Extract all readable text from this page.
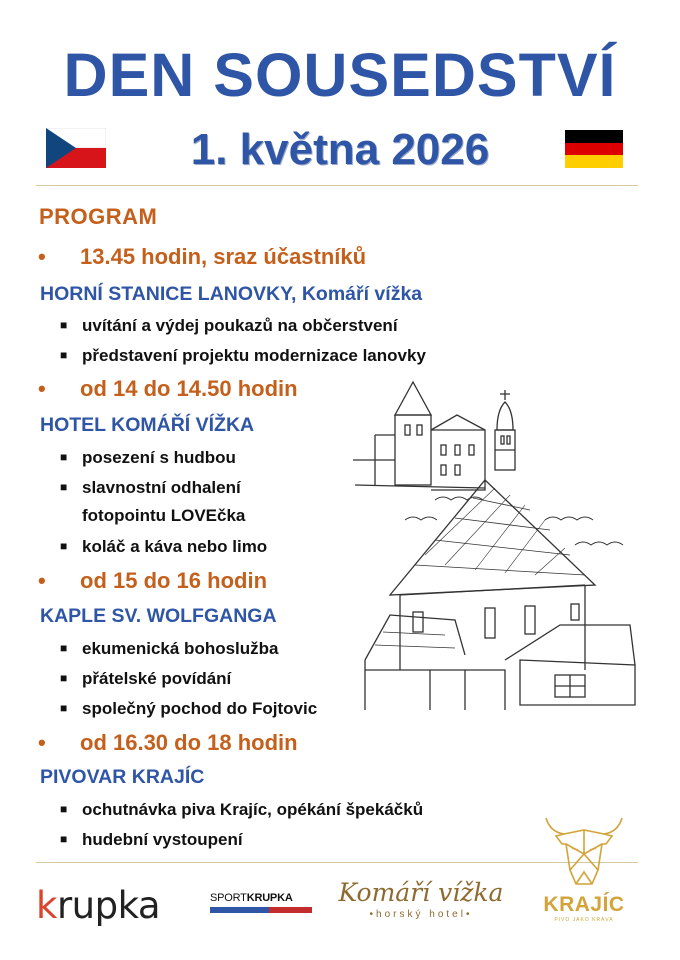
DEN SOUSEDSTVÍ
1. května 2026
PROGRAM
• 13.45 hodin, sraz účastníků
HORNÍ STANICE LANOVKY, Komáří vížka
■ uvítání a výdej poukazů na občerstvení
■ představení projektu modernizace lanovky
• od 14 do 14.50 hodin
HOTEL KOMÁŘÍ VÍŽKA
■ posezení s hudbou
■ slavnostní odhalení
fotopointu LOVEčka
■ koláč a káva nebo limo
• od 15 do 16 hodin
KAPLE SV. WOLFGANGA
■ ekumenická bohoslužba
■ přátelské povídání
■ společný pochod do Fojtovic
• od 16.30 do 18 hodin
PIVOVAR KRAJÍC
■ ochutnávka piva Krajíc, opékání špekáčků
■ hudební vystoupení
krupka	SPORTKRUPKA	Komáří vížka
•horský hotel•	KRAJÍC
PIVO JAKO KRÁVA
